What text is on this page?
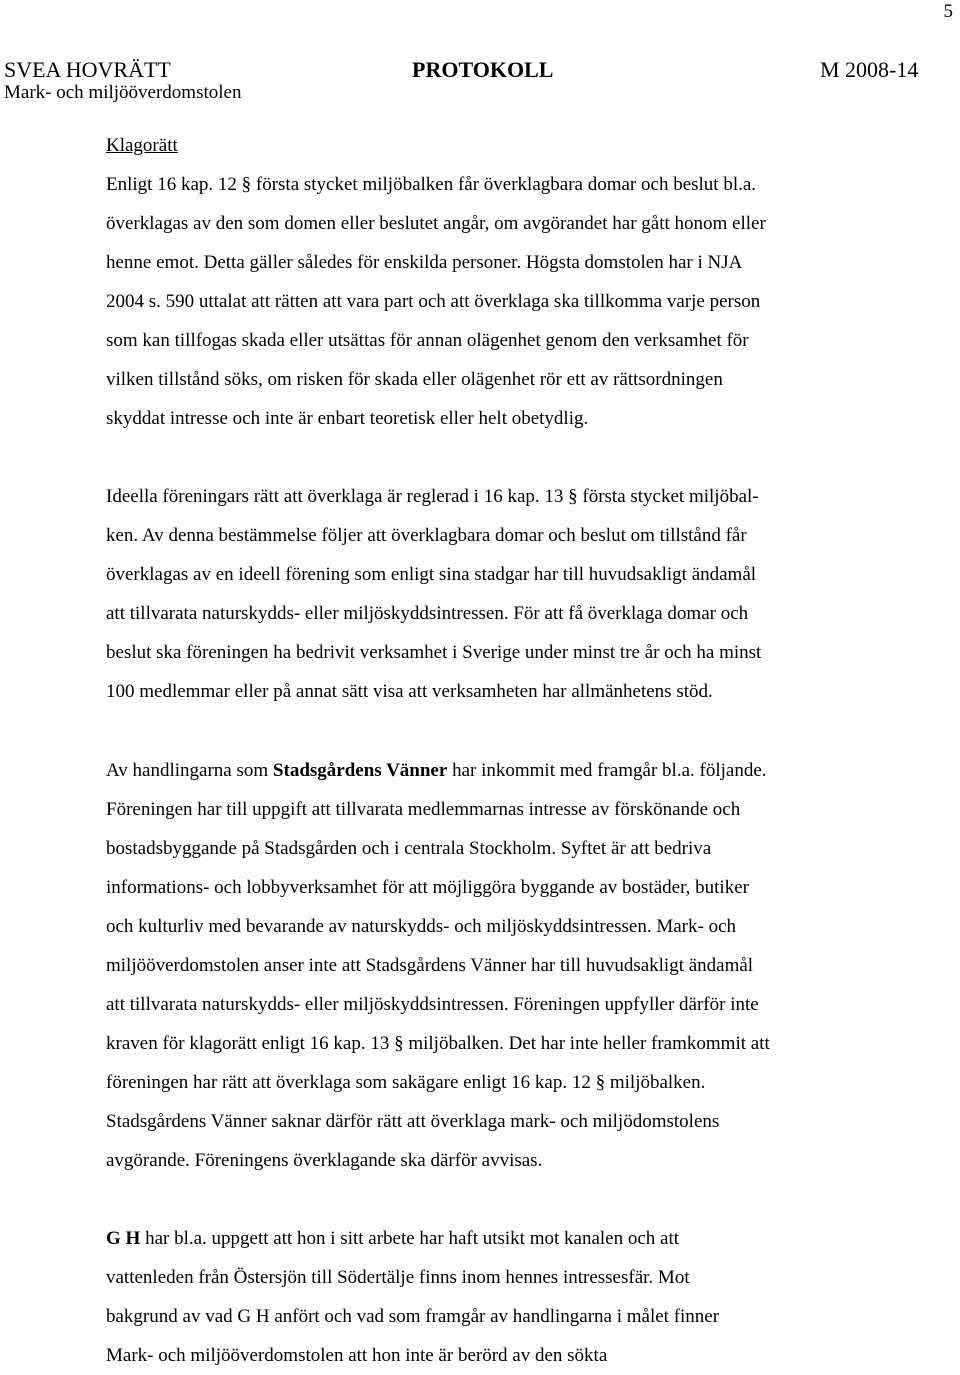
5
SVEA HOVRÄTT	PROTOKOLL	M 2008-14
Mark- och miljööverdomstolen
Klagorätt
Enligt 16 kap. 12 § första stycket miljöbalken får överklagbara domar och beslut bl.a.
överklagas av den som domen eller beslutet angår, om avgörandet har gått honom eller
henne emot. Detta gäller således för enskilda personer. Högsta domstolen har i NJA
2004 s. 590 uttalat att rätten att vara part och att överklaga ska tillkomma varje person
som kan tillfogas skada eller utsättas för annan olägenhet genom den verksamhet för
vilken tillstånd söks, om risken för skada eller olägenhet rör ett av rättsordningen
skyddat intresse och inte är enbart teoretisk eller helt obetydlig.
Ideella föreningars rätt att överklaga är reglerad i 16 kap. 13 § första stycket miljöbal-
ken. Av denna bestämmelse följer att överklagbara domar och beslut om tillstånd får
överklagas av en ideell förening som enligt sina stadgar har till huvudsakligt ändamål
att tillvarata naturskydds- eller miljöskyddsintressen. För att få överklaga domar och
beslut ska föreningen ha bedrivit verksamhet i Sverige under minst tre år och ha minst
100 medlemmar eller på annat sätt visa att verksamheten har allmänhetens stöd.
Av handlingarna som Stadsgårdens Vänner har inkommit med framgår bl.a. följande.
Föreningen har till uppgift att tillvarata medlemmarnas intresse av förskönande och
bostadsbyggande på Stadsgården och i centrala Stockholm. Syftet är att bedriva
informations- och lobbyverksamhet för att möjliggöra byggande av bostäder, butiker
och kulturliv med bevarande av naturskydds- och miljöskyddsintressen. Mark- och
miljööverdomstolen anser inte att Stadsgårdens Vänner har till huvudsakligt ändamål
att tillvarata naturskydds- eller miljöskyddsintressen. Föreningen uppfyller därför inte
kraven för klagorätt enligt 16 kap. 13 § miljöbalken. Det har inte heller framkommit att
föreningen har rätt att överklaga som sakägare enligt 16 kap. 12 § miljöbalken.
Stadsgårdens Vänner saknar därför rätt att överklaga mark- och miljödomstolens
avgörande. Föreningens överklagande ska därför avvisas.
G H har bl.a. uppgett att hon i sitt arbete har haft utsikt mot kanalen och att
vattenleden från Östersjön till Södertälje finns inom hennes intressesfär. Mot
bakgrund av vad G H anfört och vad som framgår av handlingarna i målet finner
Mark- och miljööverdomstolen att hon inte är berörd av den sökta
